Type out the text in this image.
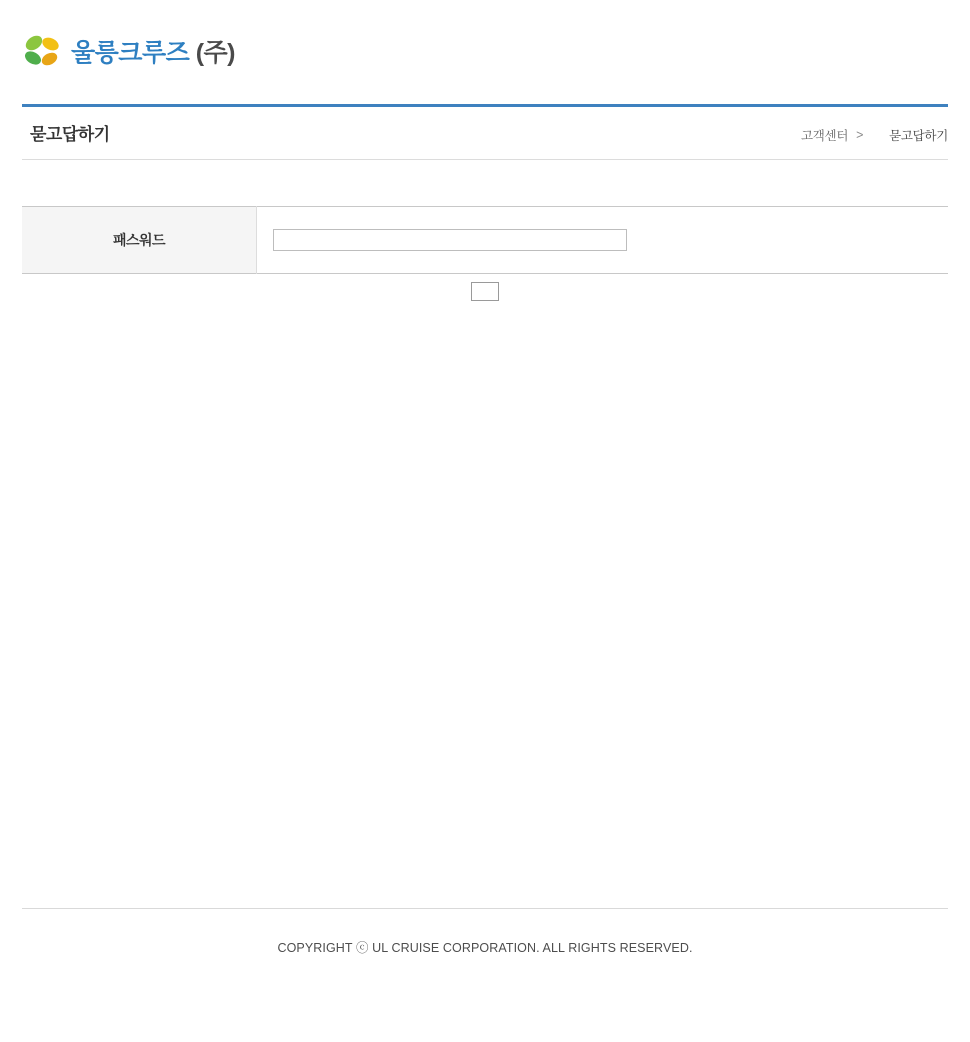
울릉크루즈 (주)
묻고답하기	고객센터 > 묻고답하기
패스워드	
COPYRIGHT ⓒ UL CRUISE CORPORATION. ALL RIGHTS RESERVED.
